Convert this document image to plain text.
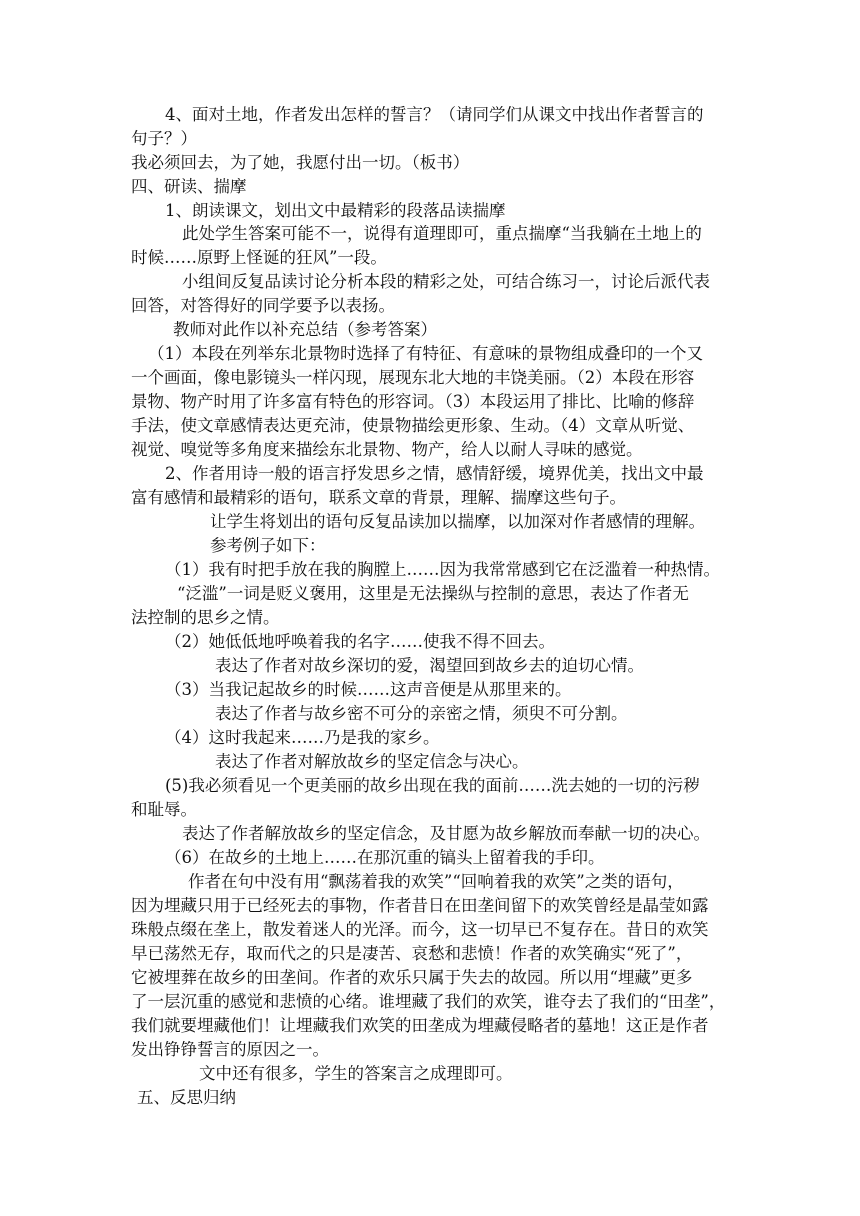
4、面对土地，作者发出怎样的誓言？（请同学们从课文中找出作者誓言的
句子？）
我必须回去，为了她，我愿付出一切。（板书）
四、研读、揣摩
1、朗读课文，划出文中最精彩的段落品读揣摩
此处学生答案可能不一，说得有道理即可，重点揣摩“当我躺在土地上的
时候……原野上怪诞的狂风”一段。
小组间反复品读讨论分析本段的精彩之处，可结合练习一，讨论后派代表
回答，对答得好的同学要予以表扬。
教师对此作以补充总结（参考答案）
（1）本段在列举东北景物时选择了有特征、有意味的景物组成叠印的一个又
一个画面，像电影镜头一样闪现，展现东北大地的丰饶美丽。（2）本段在形容
景物、物产时用了许多富有特色的形容词。（3）本段运用了排比、比喻的修辞
手法，使文章感情表达更充沛，使景物描绘更形象、生动。（4）文章从听觉、
视觉、嗅觉等多角度来描绘东北景物、物产，给人以耐人寻味的感觉。
2、作者用诗一般的语言抒发思乡之情，感情舒缓，境界优美，找出文中最
富有感情和最精彩的语句，联系文章的背景，理解、揣摩这些句子。
让学生将划出的语句反复品读加以揣摩，以加深对作者感情的理解。
参考例子如下：
（1）我有时把手放在我的胸膛上……因为我常常感到它在泛滥着一种热情。
“泛滥”一词是贬义褒用，这里是无法操纵与控制的意思，表达了作者无
法控制的思乡之情。
（2）她低低地呼唤着我的名字……使我不得不回去。
表达了作者对故乡深切的爱，渴望回到故乡去的迫切心情。
（3）当我记起故乡的时候……这声音便是从那里来的。
表达了作者与故乡密不可分的亲密之情，须臾不可分割。
（4）这时我起来……乃是我的家乡。
表达了作者对解放故乡的坚定信念与决心。
(5)我必须看见一个更美丽的故乡出现在我的面前……洗去她的一切的污秽
和耻辱。
表达了作者解放故乡的坚定信念，及甘愿为故乡解放而奉献一切的决心。
（6）在故乡的土地上……在那沉重的镐头上留着我的手印。
作者在句中没有用“飘荡着我的欢笑”“回响着我的欢笑”之类的语句，
因为埋藏只用于已经死去的事物，作者昔日在田垄间留下的欢笑曾经是晶莹如露
珠般点缀在垄上，散发着迷人的光泽。而今，这一切早已不复存在。昔日的欢笑
早已荡然无存，取而代之的只是凄苦、哀愁和悲愤！作者的欢笑确实“死了”，
它被埋葬在故乡的田垄间。作者的欢乐只属于失去的故园。所以用“埋藏”更多
了一层沉重的感觉和悲愤的心绪。谁埋藏了我们的欢笑，谁夺去了我们的“田垄”，
我们就要埋藏他们！让埋藏我们欢笑的田垄成为埋藏侵略者的墓地！这正是作者
发出铮铮誓言的原因之一。
文中还有很多，学生的答案言之成理即可。
五、反思归纳
